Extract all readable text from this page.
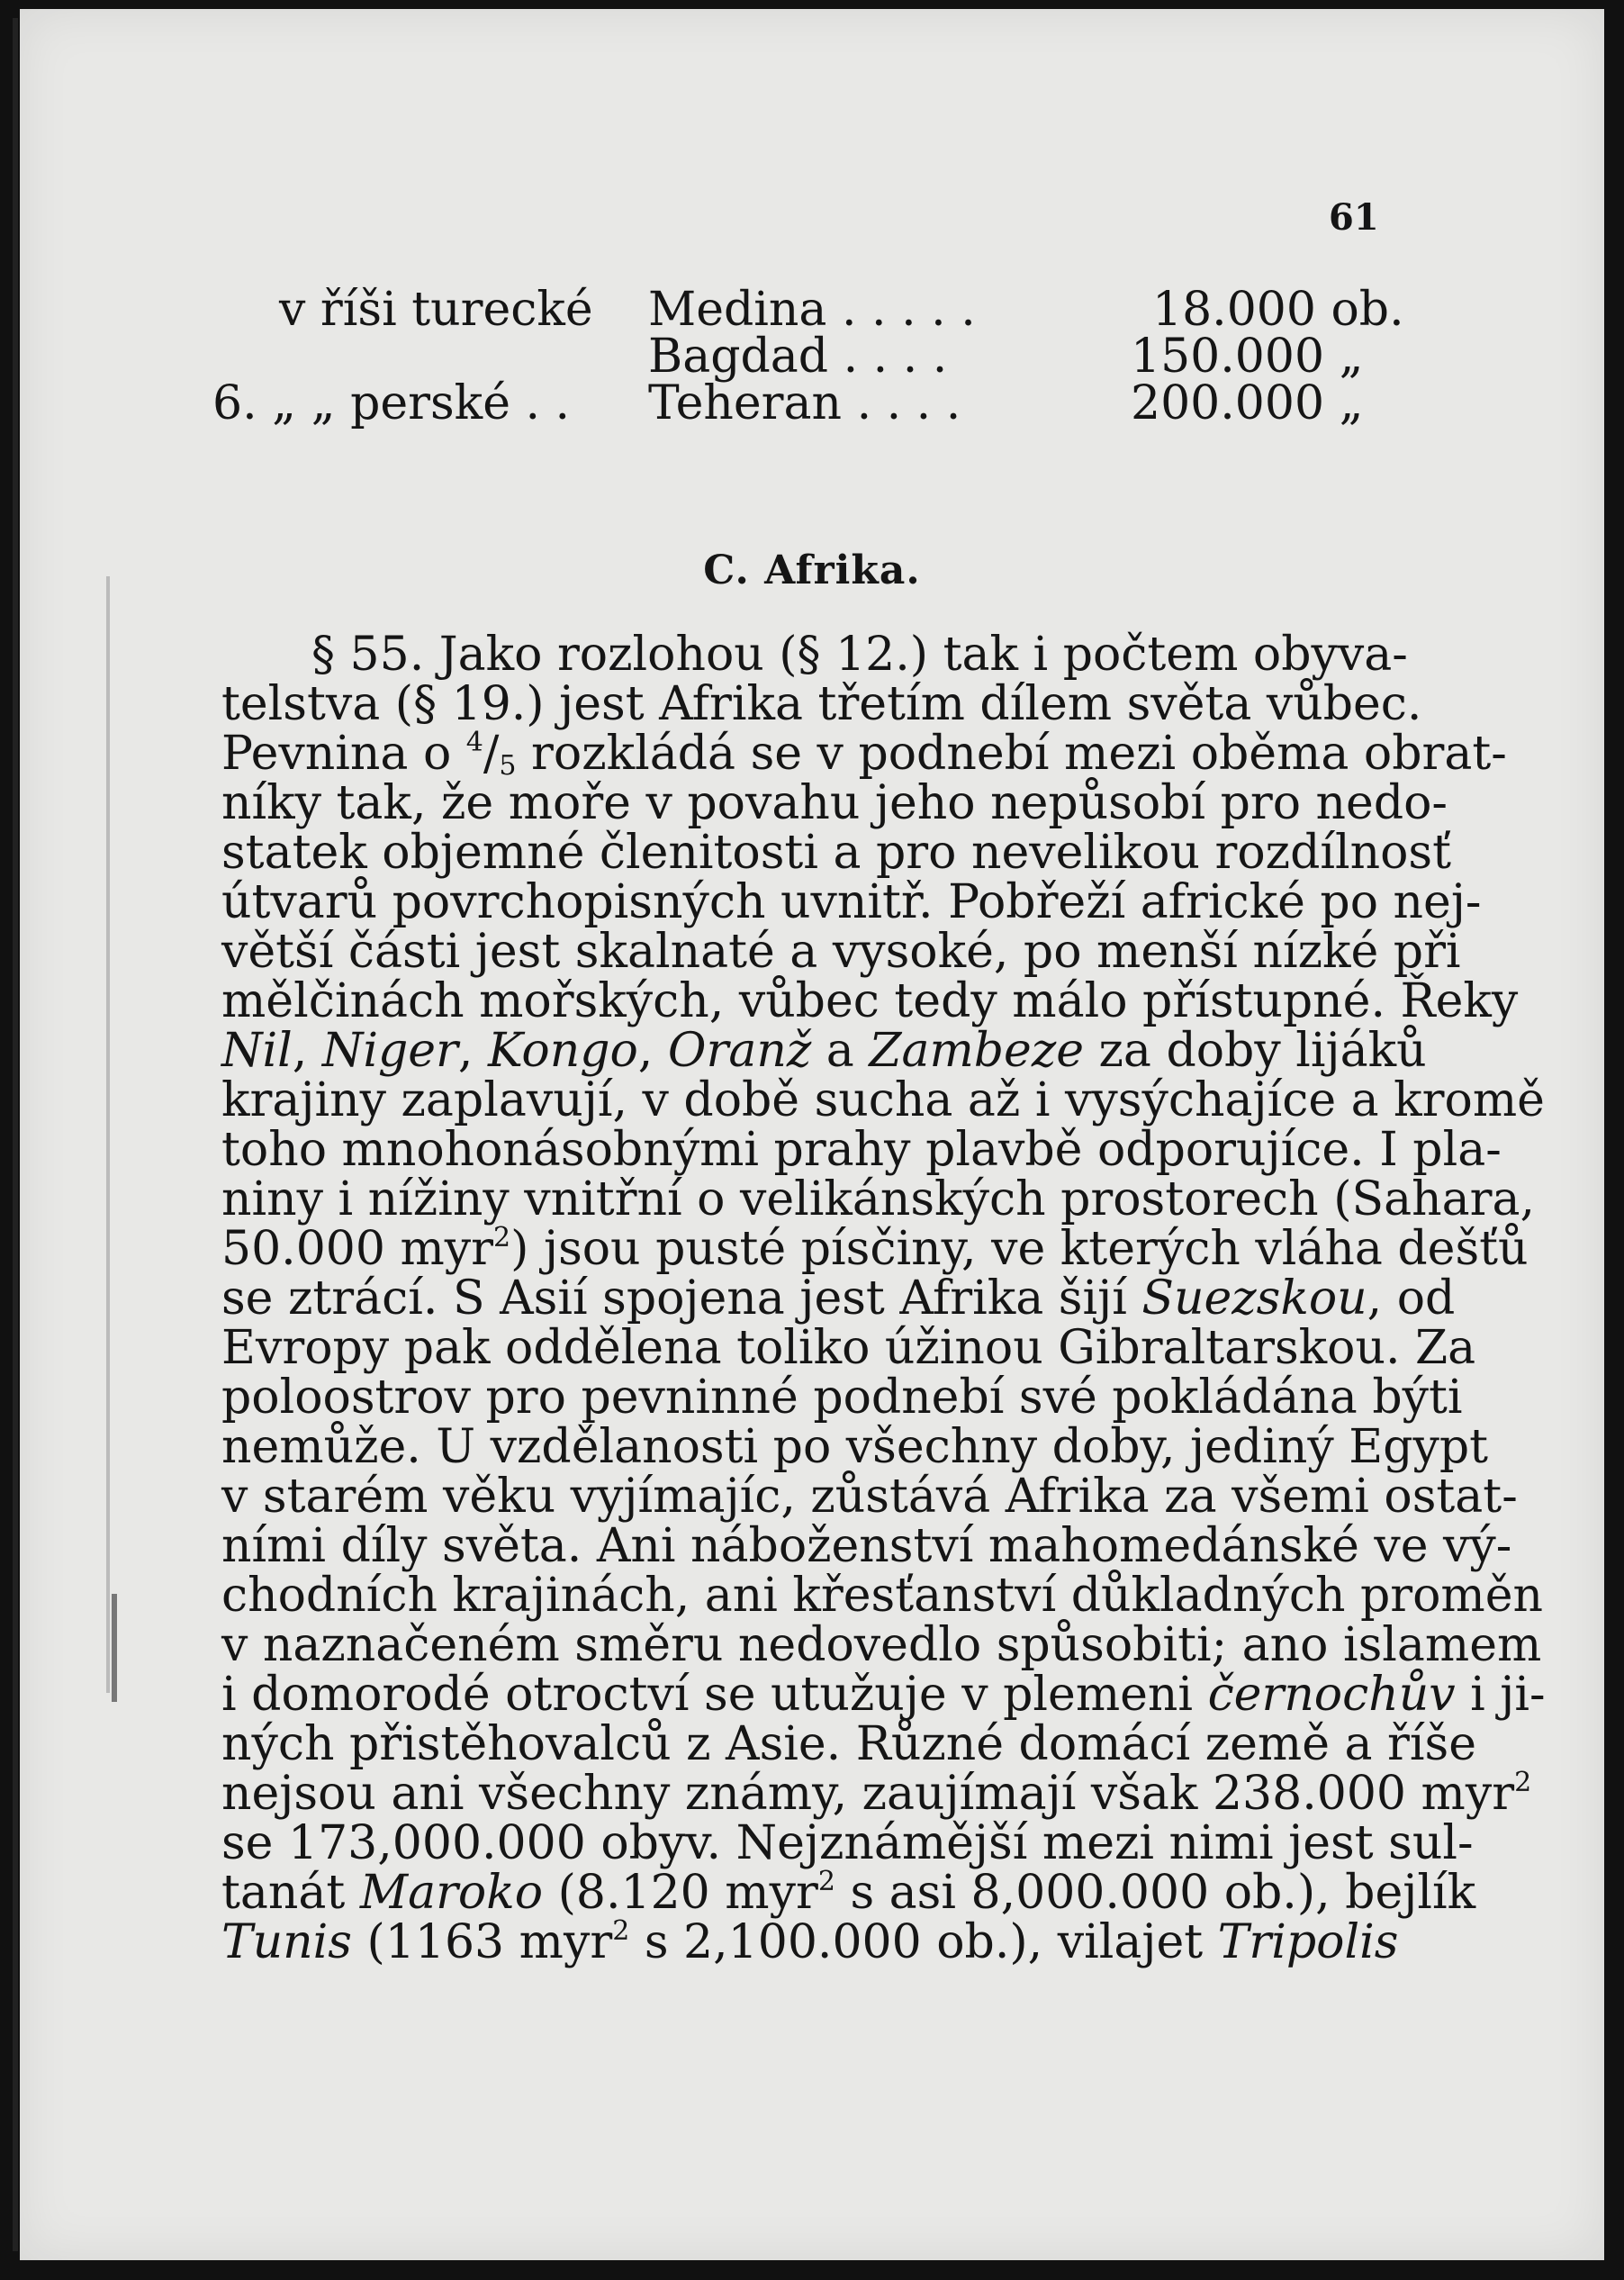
61
v říši turecké Medina . . . . .	18.000 ob.
Bagdad . . . .	150.000 „
6. „ „ perské . . Teheran . . . .	200.000 „
C. Afrika.
§ 55. Jako rozlohou (§ 12.) tak i počtem obyva-
telstva (§ 19.) jest Afrika třetím dílem světa vůbec.
Pevnina o $^4/_5$ rozkládá se v podnebí mezi oběma obrat-
níky tak, že moře v povahu jeho nepůsobí pro nedo-
statek objemné členitosti a pro nevelikou rozdílnosť
útvarů povrchopisných uvnitř. Pobřeží africké po nej-
větší části jest skalnaté a vysoké, po menší nízké při
mělčinách mořských, vůbec tedy málo přístupné. Řeky
Nil, Niger, Kongo, Oranž a Zambeze za doby lijáků
krajiny zaplavují, v době sucha až i vysýchajíce a kromě
toho mnohonásobnými prahy plavbě odporujíce. I pla-
niny i nížiny vnitřní o velikánských prostorech (Sahara,
50.000 myr$^2$) jsou pusté písčiny, ve kterých vláha dešťů
se ztrácí. S Asií spojena jest Afrika šijí Suezskou, od
Evropy pak oddělena toliko úžinou Gibraltarskou. Za
poloostrov pro pevninné podnebí své pokládána býti
nemůže. U vzdělanosti po všechny doby, jediný Egypt
v starém věku vyjímajíc, zůstává Afrika za všemi ostat-
ními díly světa. Ani náboženství mahomedánské ve vý-
chodních krajinách, ani křesťanství důkladných proměn
v naznačeném směru nedovedlo spůsobiti; ano islamem
i domorodé otroctví se utužuje v plemeni černochův i ji-
ných přistěhovalců z Asie. Různé domácí země a říše
nejsou ani všechny známy, zaujímají však 238.000 myr$^2$
se 173,000.000 obyv. Nejznámější mezi nimi jest sul-
tanát Maroko (8.120 myr$^2$ s asi 8,000.000 ob.), bejlík
Tunis (1163 myr$^2$ s 2,100.000 ob.), vilajet Tripolis
